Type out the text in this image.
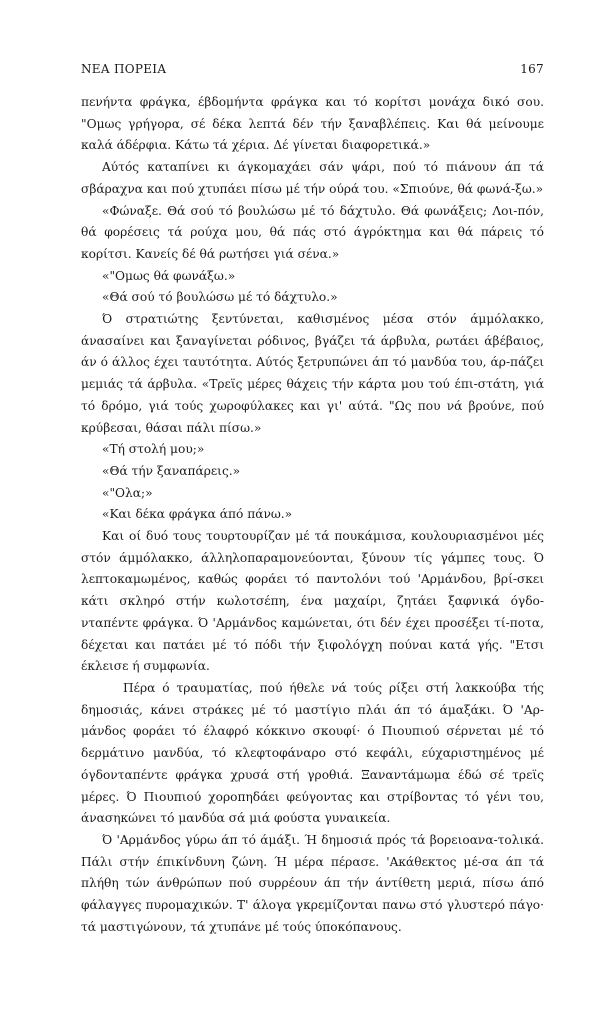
ΝΕΑ ΠΟΡΕΙΑ	167

πενήντα φράγκα, έβδομήντα φράγκα και τό κορίτσι μονάχα δικό σου. "Ομως γρήγορα, σέ δέκα λεπτά δέν τήν ξαναβλέπεις. Και θά μείνουμε καλά άδέρφια. Κάτω τά χέρια. Δέ γίνεται διαφορετικά.»

Αύτός καταπίνει κι άγκομαχάει σάν ψάρι, πού τό πιάνουν άπ τά σβάραχνα και πού χτυπάει πίσω μέ τήν ούρά του. «Σπιούνε, θά φωνά-ξω.»

«Φώναξε. Θά σού τό βουλώσω μέ τό δάχτυλο. Θά φωνάξεις; Λοι-πόν, θά φορέσεις τά ρούχα μου, θά πάς στό άγρόκτημα και θά πάρεις τό κορίτσι. Κανείς δέ θά ρωτήσει γιά σένα.»

«"Ομως θά φωνάξω.»

«Θά σού τό βουλώσω μέ τό δάχτυλο.»

Ό στρατιώτης ξεντύνεται, καθισμένος μέσα στόν άμμόλακκο, άνασαίνει και ξαναγίνεται ρόδινος, βγάζει τά άρβυλα, ρωτάει άβέβαιος, άν ό άλλος έχει ταυτότητα. Αύτός ξετρυπώνει άπ τό μανδύα του, άρ-πάζει μεμιάς τά άρβυλα. «Τρεϊς μέρες θάχεις τήν κάρτα μου τού έπι-στάτη, γιά τό δρόμο, γιά τούς χωροφύλακες και γι' αύτά. "Ως που νά βρούνε, πού κρύβεσαι, θάσαι πάλι πίσω.»

«Τή στολή μου;»

«Θά τήν ξαναπάρεις.»

«"Ολα;»

«Και δέκα φράγκα άπό πάνω.»

Και οί δυό τους τουρτουρίζαν μέ τά πουκάμισα, κουλουριασμένοι μές στόν άμμόλακκο, άλληλοπαραμονεύονται, ξύνουν τίς γάμπες τους. Ό λεπτοκαμωμένος, καθώς φοράει τό παντολόνι τού 'Αρμάνδου, βρί-σκει κάτι σκληρό στήν κωλοτσέπη, ένα μαχαίρι, ζητάει ξαφνικά όγδο-νταπέντε φράγκα. Ό 'Αρμάνδος καμώνεται, ότι δέν έχει προσέξει τί-ποτα, δέχεται και πατάει μέ τό πόδι τήν ξιφολόγχη πούναι κατά γής. "Ετσι έκλεισε ή συμφωνία.

Πέρα ό τραυματίας, πού ήθελε νά τούς ρίξει στή λακκούβα τής δημοσιάς, κάνει στράκες μέ τό μαστίγιο πλάι άπ τό άμαξάκι. Ό 'Αρ-μάνδος φοράει τό έλαφρό κόκκινο σκουφί· ό Πιουπιού σέρνεται μέ τό δερμάτινο μανδύα, τό κλεφτοφάναρο στό κεφάλι, εύχαριστημένος μέ όγδονταπέντε φράγκα χρυσά στή γροθιά. Ξαναντάμωμα έδώ σέ τρεϊς μέρες. Ό Πιουπιού χοροπηδάει φεύγοντας και στρίβοντας τό γένι του, άνασηκώνει τό μανδύα σά μιά φούστα γυναικεία.

Ό 'Αρμάνδος γύρω άπ τό άμάξι. Ή δημοσιά πρός τά βορειοανα-τολικά. Πάλι στήν έπικίνδυνη ζώνη. Ή μέρα πέρασε. 'Ακάθεκτος μέ-σα άπ τά πλήθη τών άνθρώπων πού συρρέουν άπ τήν άντίθετη μεριά, πίσω άπό φάλαγγες πυρομαχικών. Τ' άλογα γκρεμίζονται πανω στό γλυστερό πάγο· τά μαστιγώνουν, τά χτυπάνε μέ τούς ύποκόπανους.
